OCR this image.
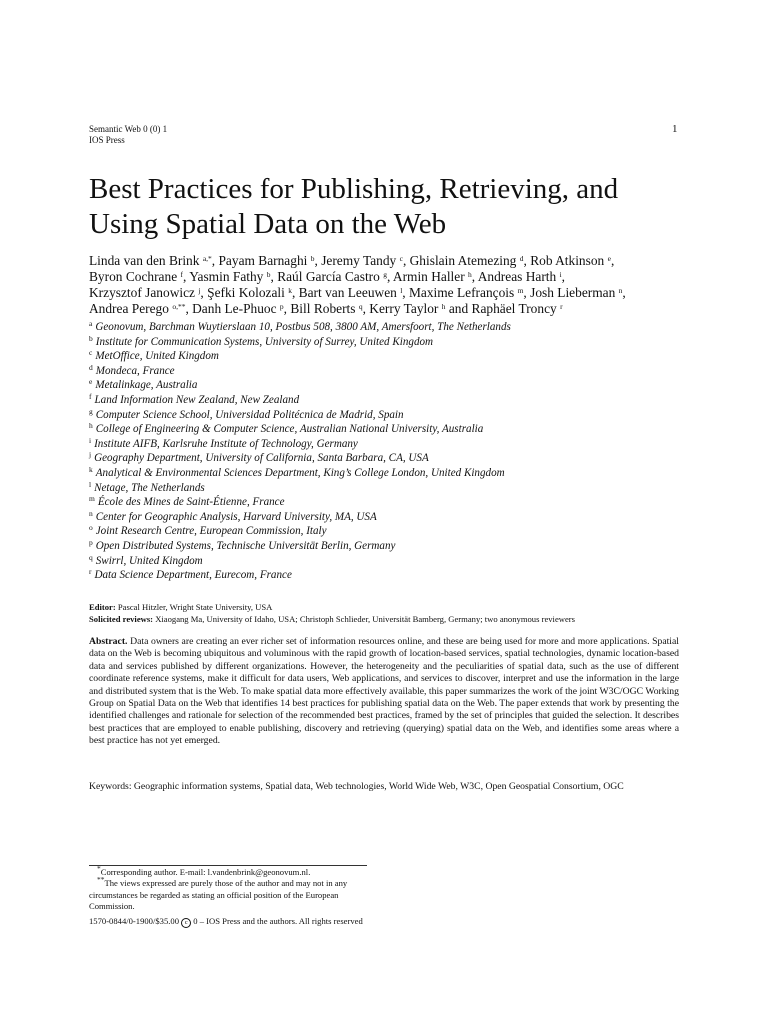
Semantic Web 0 (0) 1
IOS Press
1
Best Practices for Publishing, Retrieving, and
Using Spatial Data on the Web
Linda van den Brink $^{a,*}$, Payam Barnaghi $^b$, Jeremy Tandy $^c$, Ghislain Atemezing $^d$, Rob Atkinson $^e$,
Byron Cochrane $^f$, Yasmin Fathy $^b$, Raúl García Castro $^g$, Armin Haller $^h$, Andreas Harth $^i$,
Krzysztof Janowicz $^j$, Şefki Kolozali $^k$, Bart van Leeuwen $^l$, Maxime Lefrançois $^m$, Josh Lieberman $^n$,
Andrea Perego $^{o,**}$, Danh Le-Phuoc $^p$, Bill Roberts $^q$, Kerry Taylor $^h$ and Raphäel Troncy $^r$
$^a$ Geonovum, Barchman Wuytierslaan 10, Postbus 508, 3800 AM, Amersfoort, The Netherlands
$^b$ Institute for Communication Systems, University of Surrey, United Kingdom
$^c$ MetOffice, United Kingdom
$^d$ Mondeca, France
$^e$ Metalinkage, Australia
$^f$ Land Information New Zealand, New Zealand
$^g$ Computer Science School, Universidad Politécnica de Madrid, Spain
$^h$ College of Engineering & Computer Science, Australian National University, Australia
$^i$ Institute AIFB, Karlsruhe Institute of Technology, Germany
$^j$ Geography Department, University of California, Santa Barbara, CA, USA
$^k$ Analytical & Environmental Sciences Department, King’s College London, United Kingdom
$^l$ Netage, The Netherlands
$^m$ École des Mines de Saint-Étienne, France
$^n$ Center for Geographic Analysis, Harvard University, MA, USA
$^o$ Joint Research Centre, European Commission, Italy
$^p$ Open Distributed Systems, Technische Universität Berlin, Germany
$^q$ Swirrl, United Kingdom
$^r$ Data Science Department, Eurecom, France
Editor: Pascal Hitzler, Wright State University, USA
Solicited reviews: Xiaogang Ma, University of Idaho, USA; Christoph Schlieder, Universität Bamberg, Germany; two anonymous reviewers
Abstract. Data owners are creating an ever richer set of information resources online, and these are being used for more and more applications. Spatial data on the Web is becoming ubiquitous and voluminous with the rapid growth of location-based services, spatial technologies, dynamic location-based data and services published by different organizations. However, the heterogeneity and the peculiarities of spatial data, such as the use of different coordinate reference systems, make it difficult for data users, Web applications, and services to discover, interpret and use the information in the large and distributed system that is the Web. To make spatial data more effectively available, this paper summarizes the work of the joint W3C/OGC Working Group on Spatial Data on the Web that identifies 14 best practices for publishing spatial data on the Web. The paper extends that work by presenting the identified challenges and rationale for selection of the recommended best practices, framed by the set of principles that guided the selection. It describes best practices that are employed to enable publishing, discovery and retrieving (querying) spatial data on the Web, and identifies some areas where a best practice has not yet emerged.
Keywords: Geographic information systems, Spatial data, Web technologies, World Wide Web, W3C, Open Geospatial Consortium, OGC
*Corresponding author. E-mail: l.vandenbrink@geonovum.nl.
**The views expressed are purely those of the author and may not in any circumstances be regarded as stating an official position of the European Commission.
1570-0844/0-1900/$35.00 c 0 – IOS Press and the authors. All rights reserved
